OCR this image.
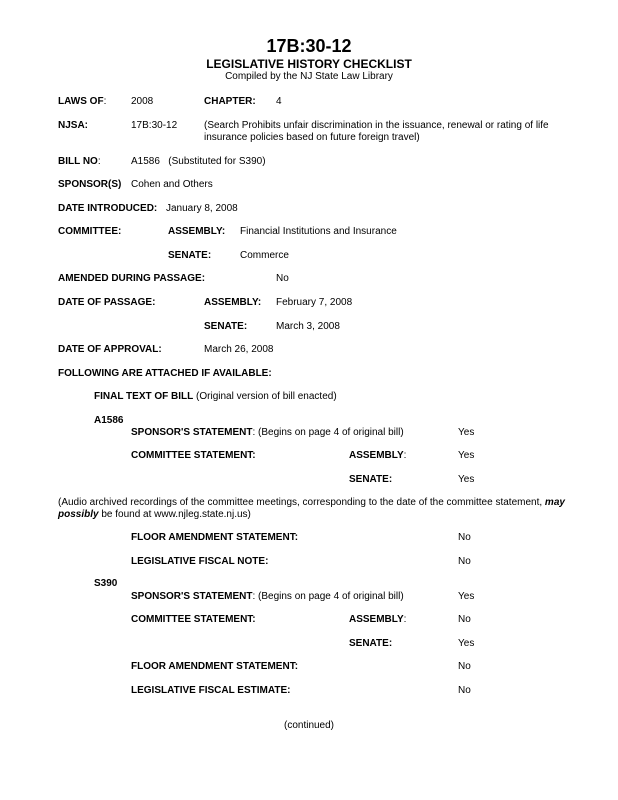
17B:30-12
LEGISLATIVE HISTORY CHECKLIST
Compiled by the NJ State Law Library
LAWS OF: 2008	CHAPTER: 4
NJSA:	17B:30-12	(Search Prohibits unfair discrimination in the issuance, renewal or rating of life insurance policies based on future foreign travel)
BILL NO:	A1586   (Substituted for S390)
SPONSOR(S) Cohen and Others
DATE INTRODUCED: January 8, 2008
COMMITTEE:	ASSEMBLY: Financial Institutions and Insurance
SENATE:	Commerce
AMENDED DURING PASSAGE:	No
DATE OF PASSAGE:	ASSEMBLY: February 7, 2008
SENATE:	March 3, 2008
DATE OF APPROVAL:	March 26, 2008
FOLLOWING ARE ATTACHED IF AVAILABLE:
FINAL TEXT OF BILL (Original version of bill enacted)
A1586
SPONSOR'S STATEMENT: (Begins on page 4 of original bill)	Yes
COMMITTEE STATEMENT:	ASSEMBLY:	Yes
SENATE:	Yes
(Audio archived recordings of the committee meetings, corresponding to the date of the committee statement, may possibly be found at www.njleg.state.nj.us)
FLOOR AMENDMENT STATEMENT:	No
LEGISLATIVE FISCAL NOTE:	No
S390
SPONSOR'S STATEMENT: (Begins on page 4 of original bill)	Yes
COMMITTEE STATEMENT:	ASSEMBLY:	No
SENATE:	Yes
FLOOR AMENDMENT STATEMENT:	No
LEGISLATIVE FISCAL ESTIMATE:	No
(continued)
